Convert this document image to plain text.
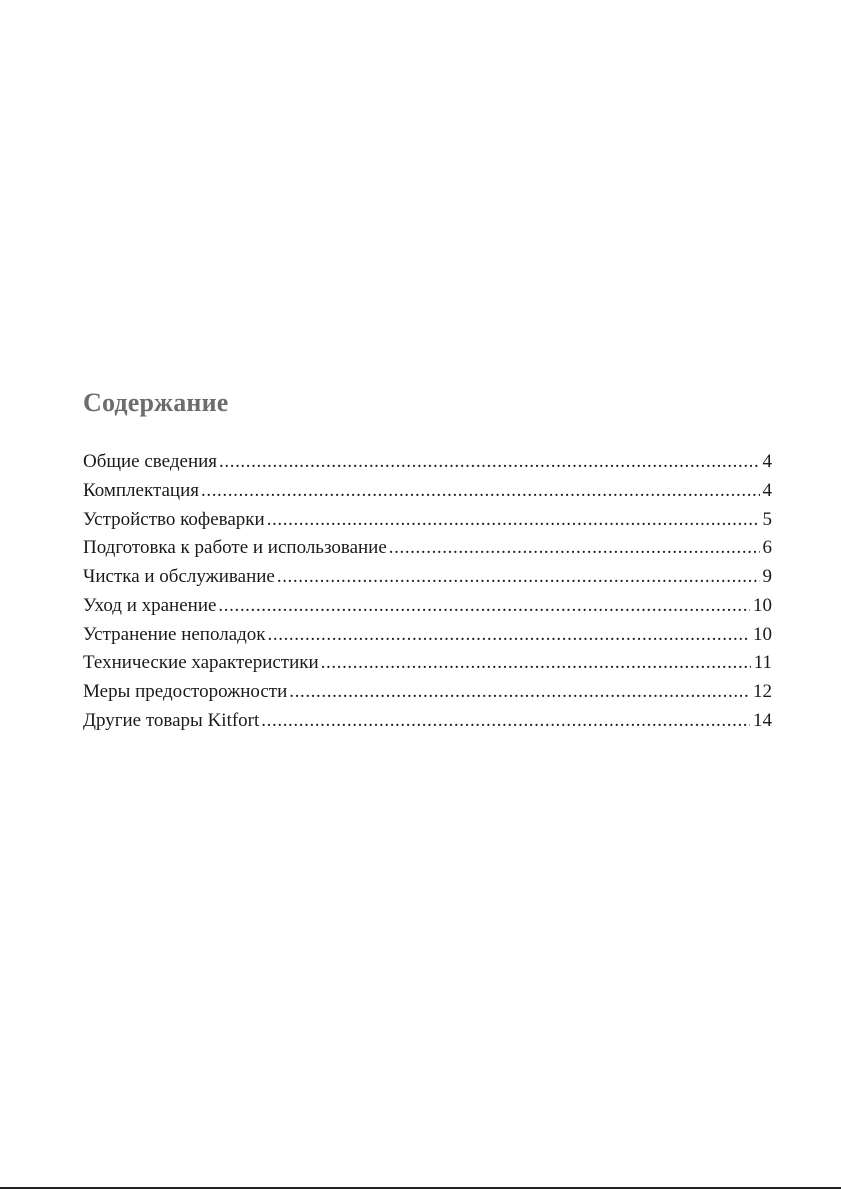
Содержание
Общие сведения .....	4
Комплектация .....	4
Устройство кофеварки .....	5
Подготовка к работе и использование .....	6
Чистка и обслуживание .....	9
Уход и хранение .....	10
Устранение неполадок .....	10
Технические характеристики .....	11
Меры предосторожности .....	12
Другие товары Kitfort .....	14
